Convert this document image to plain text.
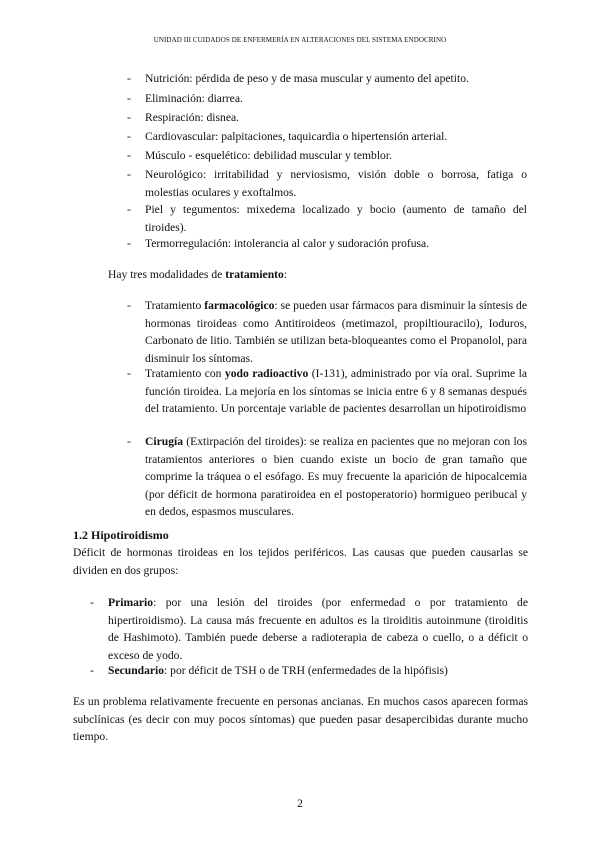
UNIDAD III CUIDADOS DE ENFERMERÍA EN ALTERACIONES DEL SISTEMA ENDOCRINO
- Nutrición: pérdida de peso y de masa muscular y aumento del apetito.
- Eliminación: diarrea.
- Respiración: disnea.
- Cardiovascular: palpitaciones, taquicardia o hipertensión arterial.
- Músculo - esquelético: debilidad muscular y temblor.
- Neurológico: irritabilidad y nerviosismo, visión doble o borrosa, fatiga o molestias oculares y exoftalmos.
- Piel y tegumentos: mixedema localizado y bocio (aumento de tamaño del tiroides).
- Termorregulación: intolerancia al calor y sudoración profusa.
Hay tres modalidades de tratamiento:
- Tratamiento farmacológico: se pueden usar fármacos para disminuir la síntesis de hormonas tiroideas como Antitiroideos (metimazol, propiltiouracilo), Ioduros, Carbonato de litio. También se utilizan beta-bloqueantes como el Propanolol, para disminuir los síntomas.
- Tratamiento con yodo radioactivo (I-131), administrado por vía oral. Suprime la función tiroidea. La mejoría en los síntomas se inicia entre 6 y 8 semanas después del tratamiento. Un porcentaje variable de pacientes desarrollan un hipotiroidismo
- Cirugía (Extirpación del tiroides): se realiza en pacientes que no mejoran con los tratamientos anteriores o bien cuando existe un bocio de gran tamaño que comprime la tráquea o el esófago. Es muy frecuente la aparición de hipocalcemia (por déficit de hormona paratiroidea en el postoperatorio) hormigueo peribucal y en dedos, espasmos musculares.
1.2 Hipotiroidismo
Déficit de hormonas tiroideas en los tejidos periféricos. Las causas que pueden causarlas se dividen en dos grupos:
- Primario: por una lesión del tiroides (por enfermedad o por tratamiento de hipertiroidismo). La causa más frecuente en adultos es la tiroiditis autoinmune (tiroiditis de Hashimoto). También puede deberse a radioterapia de cabeza o cuello, o a déficit o exceso de yodo.
- Secundario: por déficit de TSH o de TRH (enfermedades de la hipófisis)
Es un problema relativamente frecuente en personas ancianas. En muchos casos aparecen formas subclínicas (es decir con muy pocos síntomas) que pueden pasar desapercibidas durante mucho tiempo.
2
